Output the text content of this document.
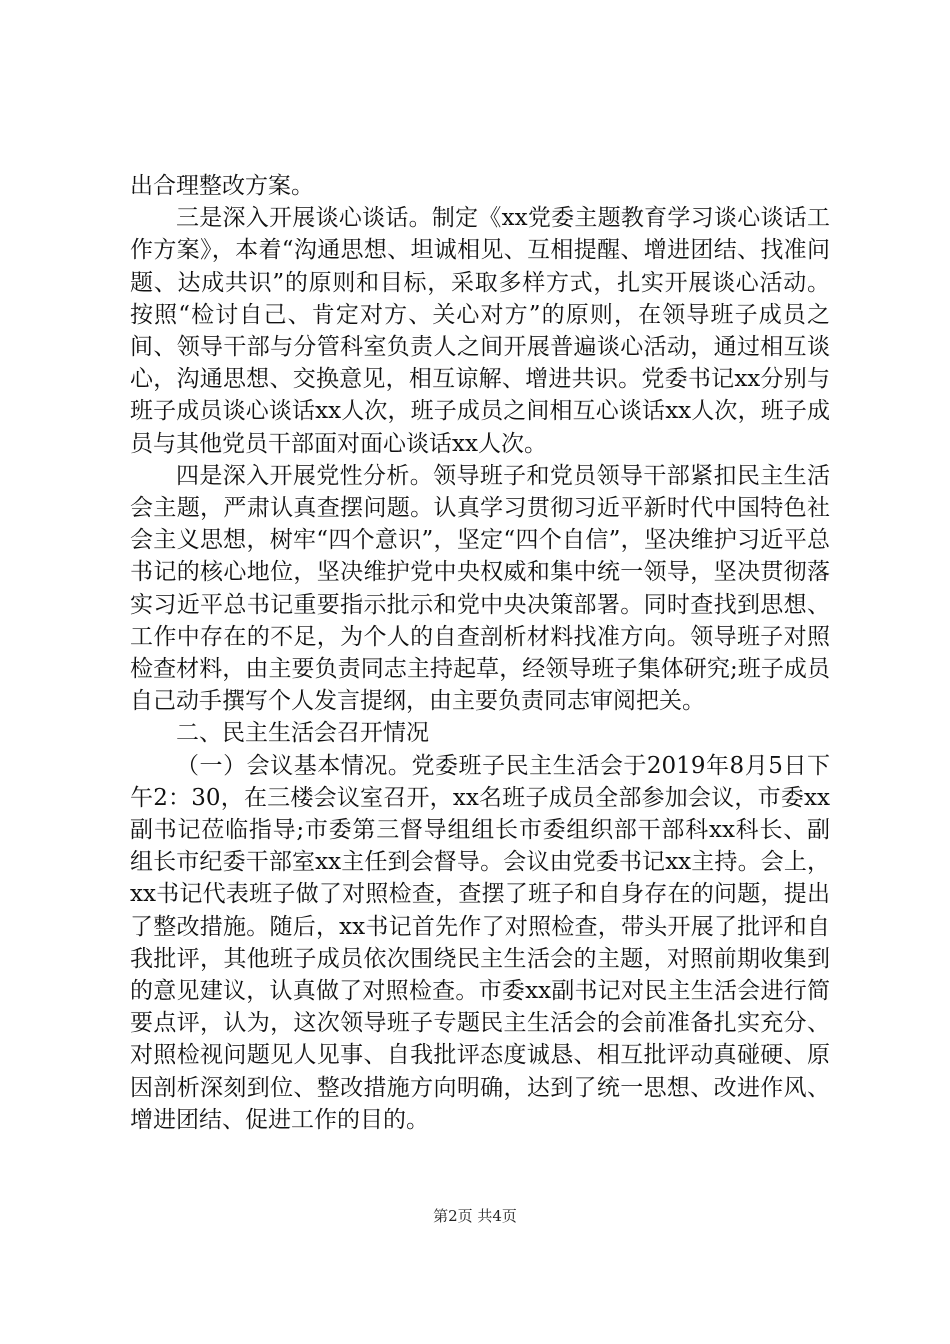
出合理整改方案。

三是深入开展谈心谈话。制定《xx党委主题教育学习谈心谈话工作方案》，本着“沟通思想、坦诚相见、互相提醒、增进团结、找准问题、达成共识”的原则和目标，采取多样方式，扎实开展谈心活动。按照“检讨自己、肯定对方、关心对方”的原则，在领导班子成员之间、领导干部与分管科室负责人之间开展普遍谈心活动，通过相互谈心，沟通思想、交换意见，相互谅解、增进共识。党委书记xx分别与班子成员谈心谈话xx人次，班子成员之间相互心谈话xx人次，班子成员与其他党员干部面对面心谈话xx人次。

四是深入开展党性分析。领导班子和党员领导干部紧扣民主生活会主题，严肃认真查摆问题。认真学习贯彻习近平新时代中国特色社会主义思想，树牢“四个意识”，坚定“四个自信”，坚决维护习近平总书记的核心地位，坚决维护党中央权威和集中统一领导，坚决贯彻落实习近平总书记重要指示批示和党中央决策部署。同时查找到思想、工作中存在的不足，为个人的自查剖析材料找准方向。领导班子对照检查材料，由主要负责同志主持起草，经领导班子集体研究;班子成员自己动手撰写个人发言提纲，由主要负责同志审阅把关。

二、民主生活会召开情况

（一）会议基本情况。党委班子民主生活会于2019年8月5日下午2：30，在三楼会议室召开，xx名班子成员全部参加会议，市委xx副书记莅临指导;市委第三督导组组长市委组织部干部科xx科长、副组长市纪委干部室xx主任到会督导。会议由党委书记xx主持。会上，xx书记代表班子做了对照检查，查摆了班子和自身存在的问题，提出了整改措施。随后，xx书记首先作了对照检查，带头开展了批评和自我批评，其他班子成员依次围绕民主生活会的主题，对照前期收集到的意见建议，认真做了对照检查。市委xx副书记对民主生活会进行简要点评，认为，这次领导班子专题民主生活会的会前准备扎实充分、对照检视问题见人见事、自我批评态度诚恳、相互批评动真碰硬、原因剖析深刻到位、整改措施方向明确，达到了统一思想、改进作风、增进团结、促进工作的目的。

第2页 共4页
